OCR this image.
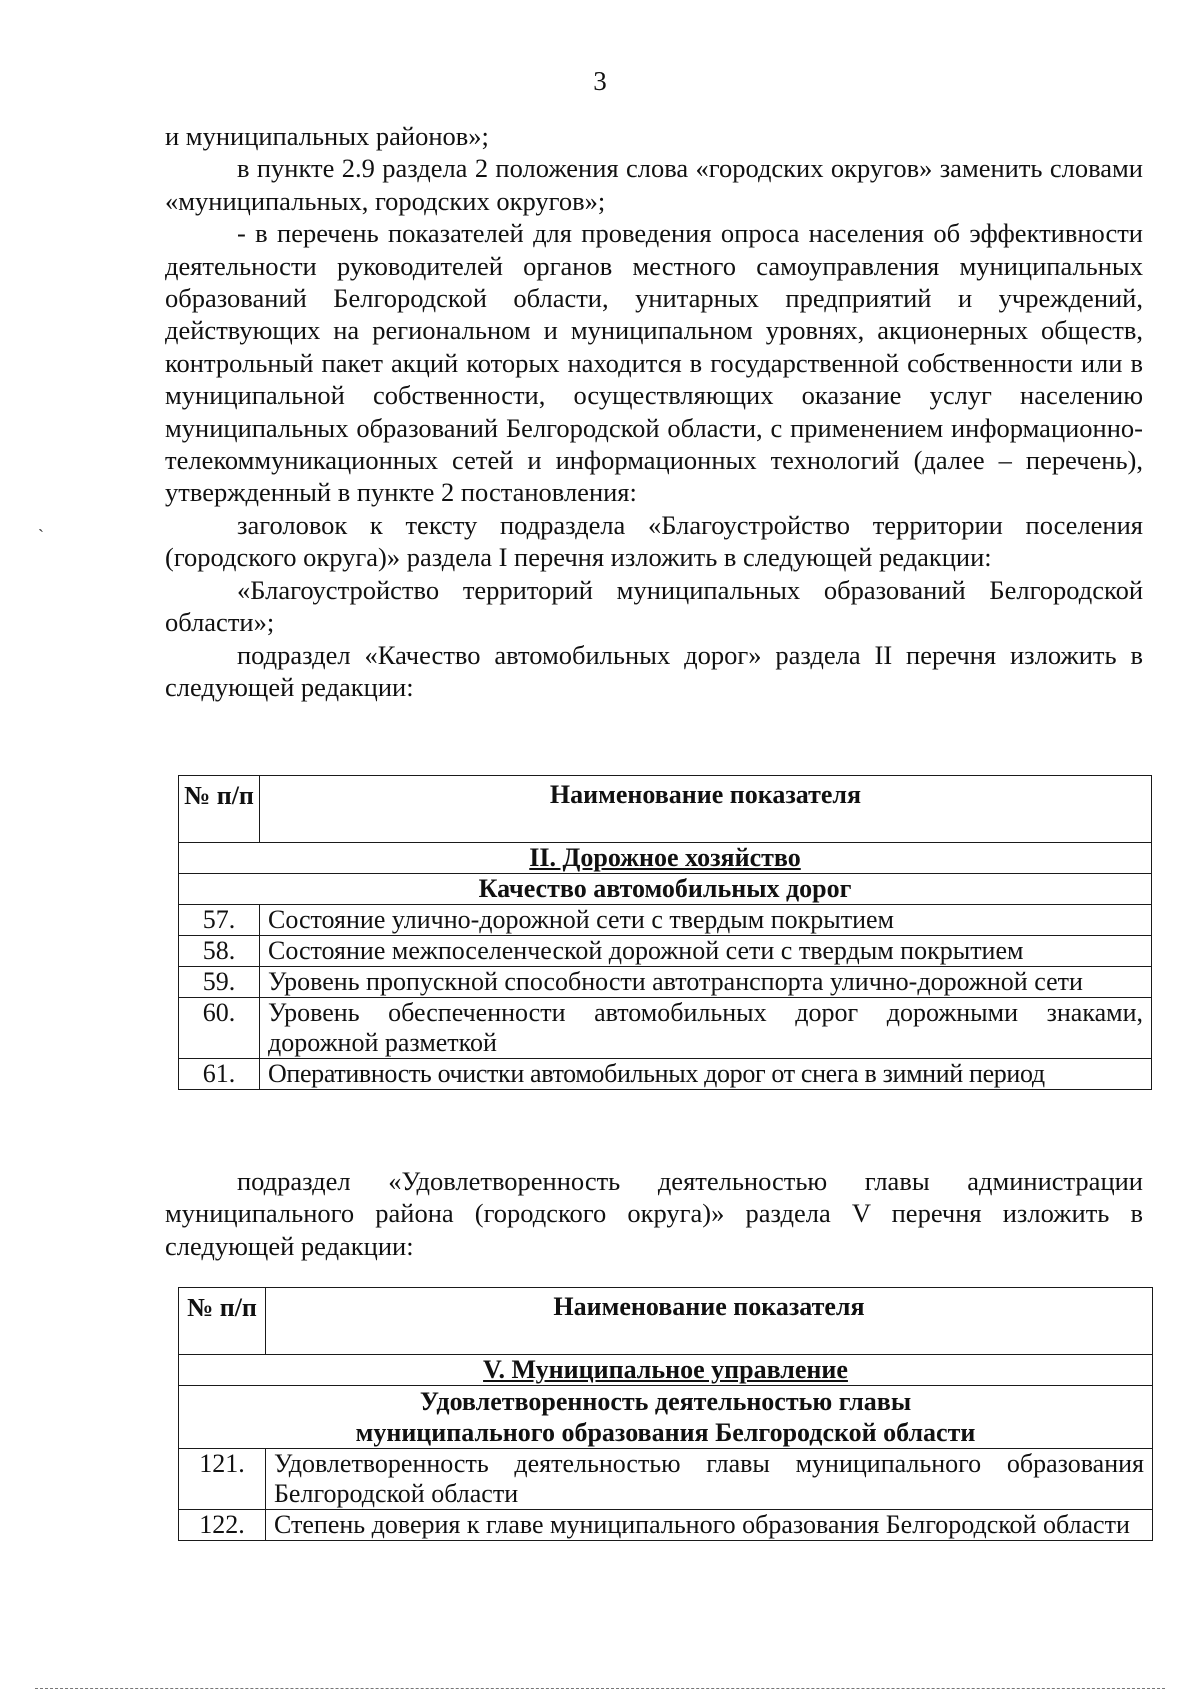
3
`

и муниципальных районов»;

в пункте 2.9 раздела 2 положения слова «городских округов» заменить словами «муниципальных, городских округов»;

- в перечень показателей для проведения опроса населения об эффективности деятельности руководителей органов местного самоуправления муниципальных образований Белгородской области, унитарных предприятий и учреждений, действующих на региональном и муниципальном уровнях, акционерных обществ, контрольный пакет акций которых находится в государственной собственности или в муниципальной собственности, осуществляющих оказание услуг населению муниципальных образований Белгородской области, с применением информационно-телекоммуникационных сетей и информационных технологий (далее – перечень), утвержденный в пункте 2 постановления:

заголовок к тексту подраздела «Благоустройство территории поселения (городского округа)» раздела I перечня изложить в следующей редакции:

«Благоустройство территорий муниципальных образований Белгородской области»;

подраздел «Качество автомобильных дорог» раздела II перечня изложить в следующей редакции:

№ п/п	Наименование показателя
II. Дорожное хозяйство	
Качество автомобильных дорог	
57.	Состояние улично-дорожной сети с твердым покрытием
58.	Состояние межпоселенческой дорожной сети с твердым покрытием
59.	Уровень пропускной способности автотранспорта улично-дорожной сети
60.	Уровень обеспеченности автомобильных дорог дорожными знаками, дорожной разметкой
61.	Оперативность очистки автомобильных дорог от снега в зимний период

подраздел «Удовлетворенность деятельностью главы администрации муниципального района (городского округа)» раздела V перечня изложить в следующей редакции:

№ п/п	Наименование показателя
V. Муниципальное управление	

Удовлетворенность деятельностью главы
муниципального образования Белгородской области	

121.	Удовлетворенность деятельностью главы муниципального образования Белгородской области
122.	Степень доверия к главе муниципального образования Белгородской области
